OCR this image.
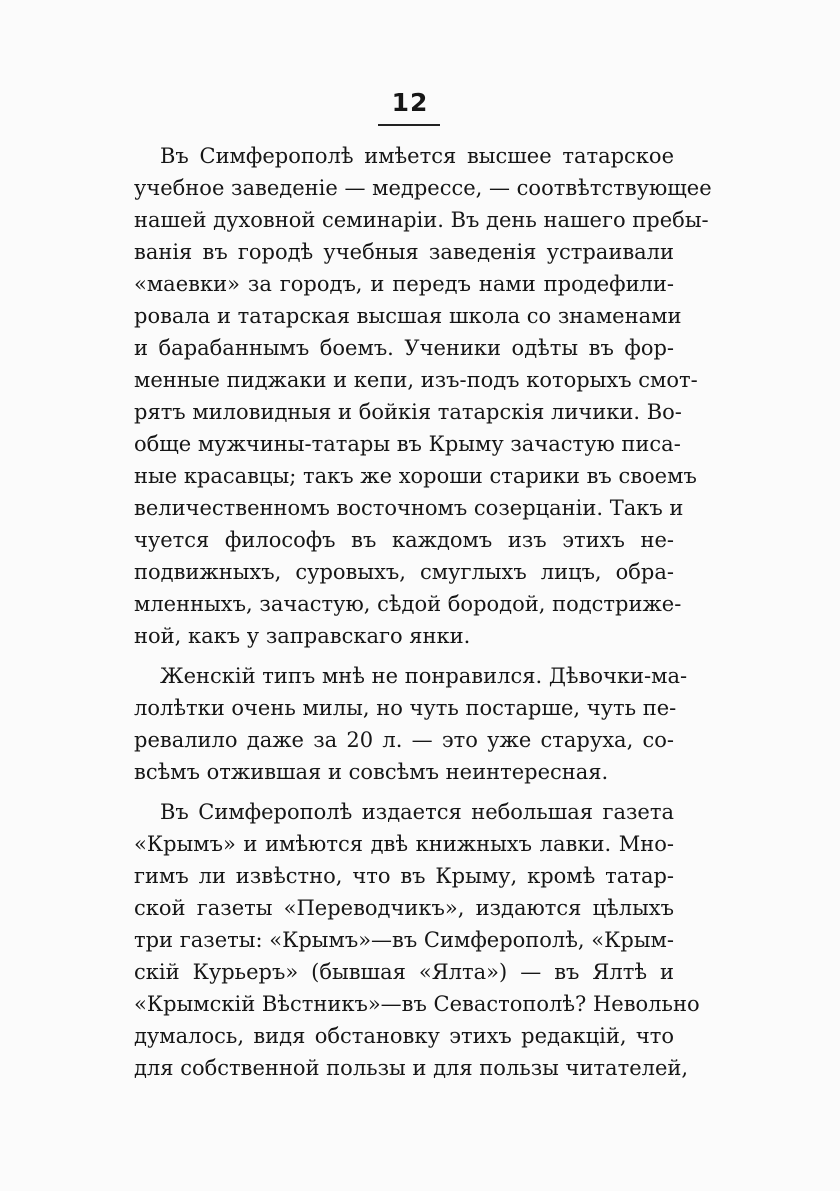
12
Въ Симферополѣ имѣется высшее татарское
учебное заведеніе — медрессе, — соотвѣтствующее
нашей духовной семинаріи. Въ день нашего пребы-
ванія въ городѣ учебныя заведенія устраивали
«маевки» за городъ, и передъ нами продефили-
ровала и татарская высшая школа со знаменами
и барабаннымъ боемъ. Ученики одѣты въ фор-
менные пиджаки и кепи, изъ-подъ которыхъ смот-
рятъ миловидныя и бойкія татарскія личики. Во-
обще мужчины-татары въ Крыму зачастую писа-
ные красавцы; такъ же хороши старики въ своемъ
величественномъ восточномъ созерцаніи. Такъ и
чуется философъ въ каждомъ изъ этихъ не-
подвижныхъ, суровыхъ, смуглыхъ лицъ, обра-
мленныхъ, зачастую, сѣдой бородой, подстриже-
ной, какъ у заправскаго янки.
Женскій типъ мнѣ не понравился. Дѣвочки-ма-
лолѣтки очень милы, но чуть постарше, чуть пе-
ревалило даже за 20 л. — это уже старуха, со-
всѣмъ отжившая и совсѣмъ неинтересная.
Въ Симферополѣ издается небольшая газета
«Крымъ» и имѣются двѣ книжныхъ лавки. Мно-
гимъ ли извѣстно, что въ Крыму, кромѣ татар-
ской газеты «Переводчикъ», издаются цѣлыхъ
три газеты: «Крымъ»—въ Симферополѣ, «Крым-
скій Курьеръ» (бывшая «Ялта») — въ Ялтѣ и
«Крымскій Вѣстникъ»—въ Севастополѣ? Невольно
думалось, видя обстановку этихъ редакцій, что
для собственной пользы и для пользы читателей,
